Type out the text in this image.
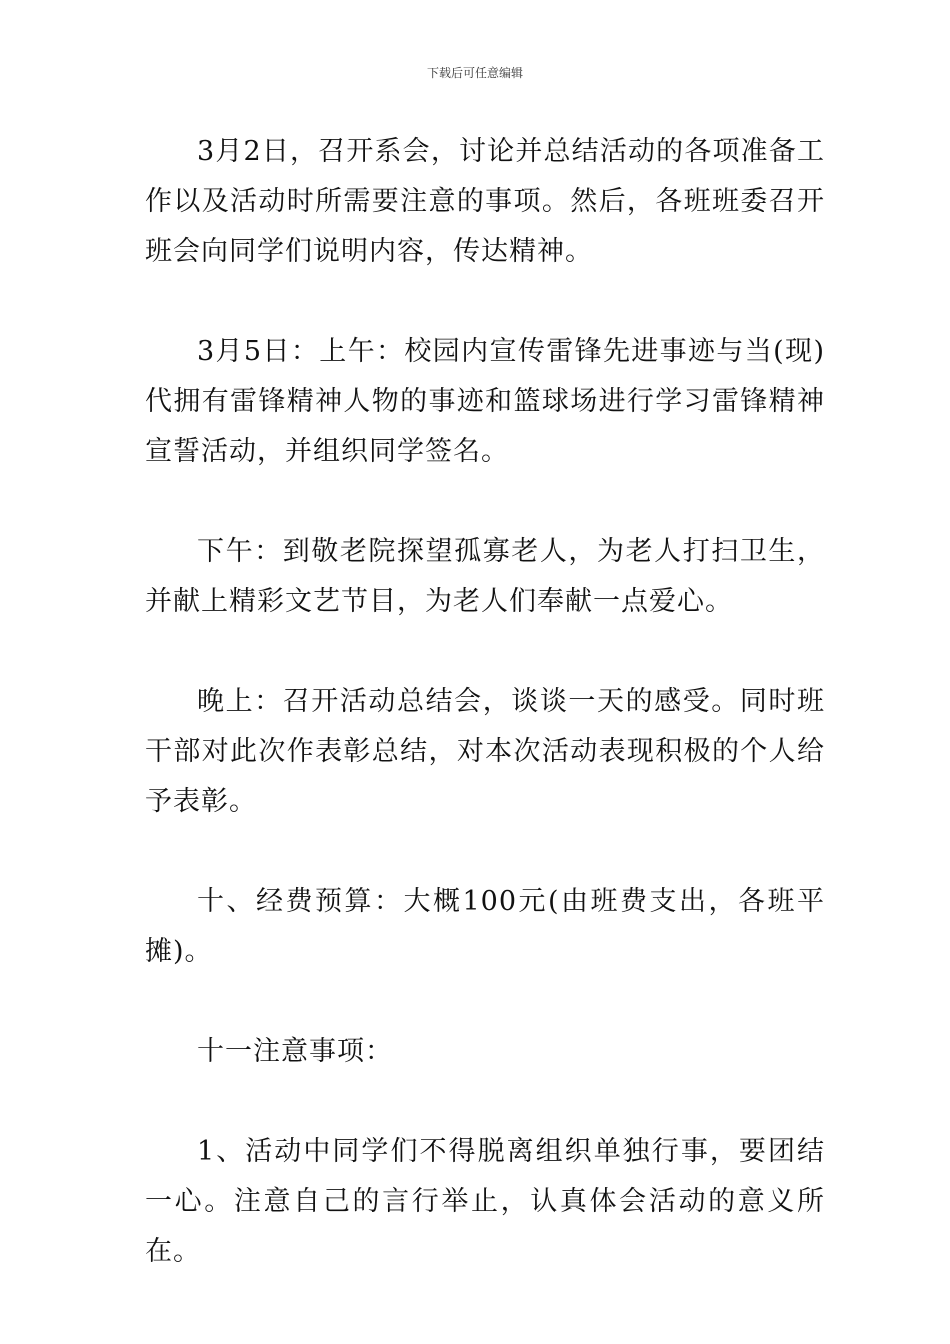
下载后可任意编辑

3月2日，召开系会，讨论并总结活动的各项准备工作以及活动时所需要注意的事项。然后，各班班委召开班会向同学们说明内容，传达精神。

3月5日：上午：校园内宣传雷锋先进事迹与当(现)代拥有雷锋精神人物的事迹和篮球场进行学习雷锋精神宣誓活动，并组织同学签名。

下午：到敬老院探望孤寡老人，为老人打扫卫生，并献上精彩文艺节目，为老人们奉献一点爱心。

晚上：召开活动总结会，谈谈一天的感受。同时班干部对此次作表彰总结，对本次活动表现积极的个人给予表彰。

十、经费预算：大概100元(由班费支出，各班平摊)。

十一注意事项：

1、活动中同学们不得脱离组织单独行事，要团结一心。注意自己的言行举止，认真体会活动的意义所在。
